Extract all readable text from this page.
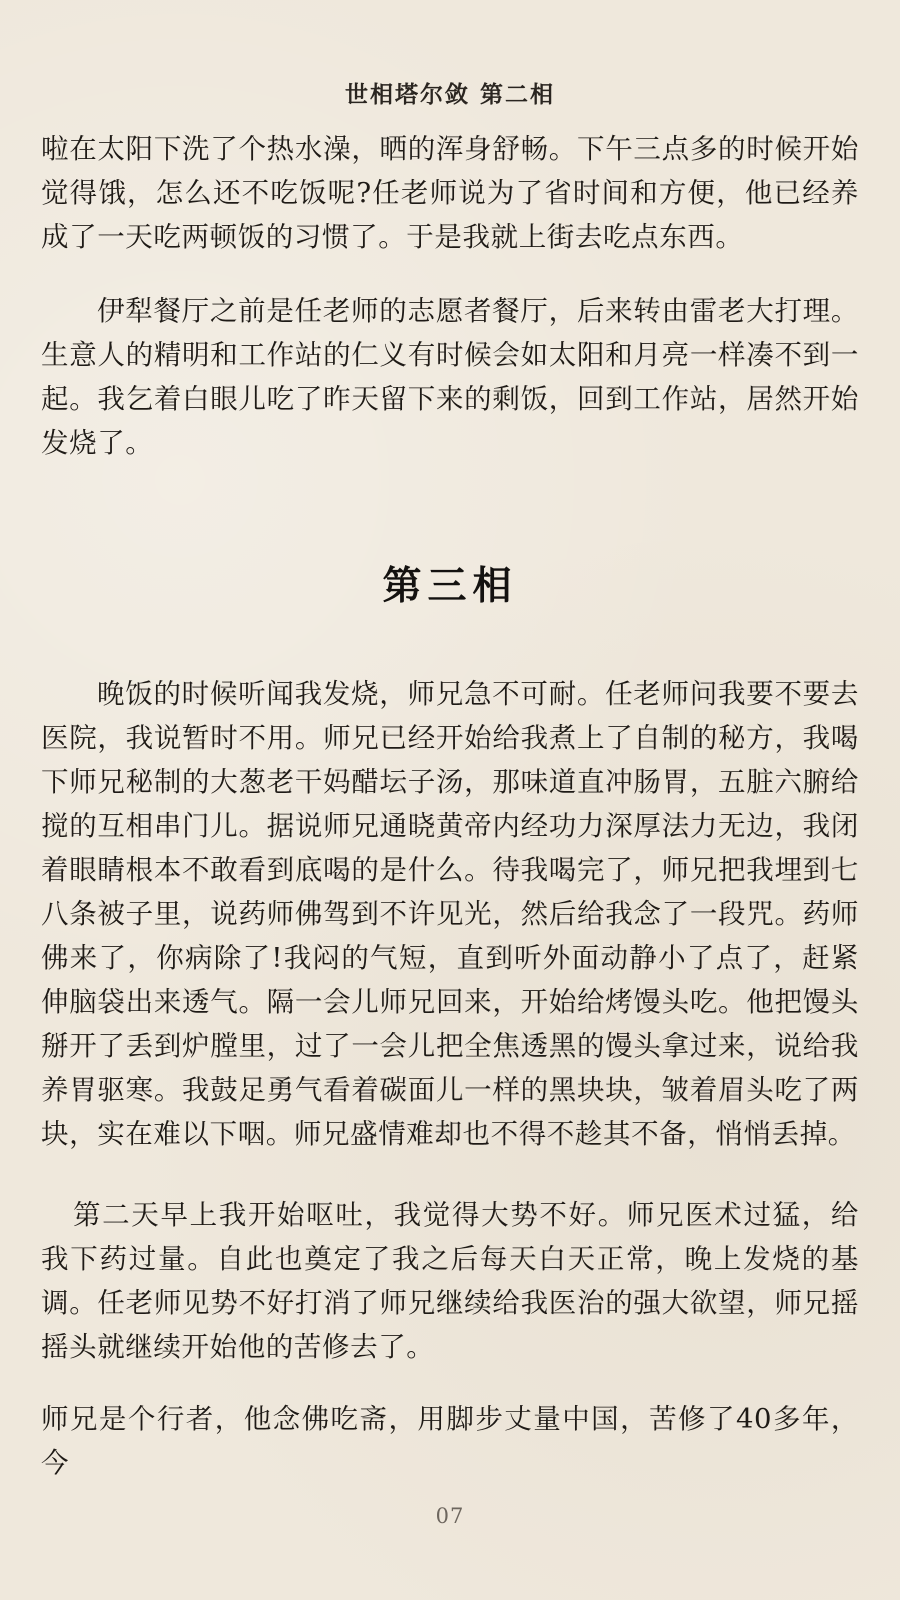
世相塔尔敛 第二相

啦在太阳下洗了个热水澡，晒的浑身舒畅。下午三点多的时候开始觉得饿，怎么还不吃饭呢?任老师说为了省时间和方便，他已经养成了一天吃两顿饭的习惯了。于是我就上街去吃点东西。

伊犁餐厅之前是任老师的志愿者餐厅，后来转由雷老大打理。生意人的精明和工作站的仁义有时候会如太阳和月亮一样凑不到一起。我乞着白眼儿吃了昨天留下来的剩饭，回到工作站，居然开始发烧了。

第三相

晚饭的时候听闻我发烧，师兄急不可耐。任老师问我要不要去医院，我说暂时不用。师兄已经开始给我煮上了自制的秘方，我喝下师兄秘制的大葱老干妈醋坛子汤，那味道直冲肠胃，五脏六腑给搅的互相串门儿。据说师兄通晓黄帝内经功力深厚法力无边，我闭着眼睛根本不敢看到底喝的是什么。待我喝完了，师兄把我埋到七八条被子里，说药师佛驾到不许见光，然后给我念了一段咒。药师佛来了，你病除了!我闷的气短，直到听外面动静小了点了，赶紧伸脑袋出来透气。隔一会儿师兄回来，开始给烤馒头吃。他把馒头掰开了丢到炉膛里，过了一会儿把全焦透黑的馒头拿过来，说给我养胃驱寒。我鼓足勇气看着碳面儿一样的黑块块，皱着眉头吃了两块，实在难以下咽。师兄盛情难却也不得不趁其不备，悄悄丢掉。

第二天早上我开始呕吐，我觉得大势不好。师兄医术过猛，给我下药过量。自此也奠定了我之后每天白天正常，晚上发烧的基调。任老师见势不好打消了师兄继续给我医治的强大欲望，师兄摇摇头就继续开始他的苦修去了。

师兄是个行者，他念佛吃斋，用脚步丈量中国，苦修了40多年，今

07
